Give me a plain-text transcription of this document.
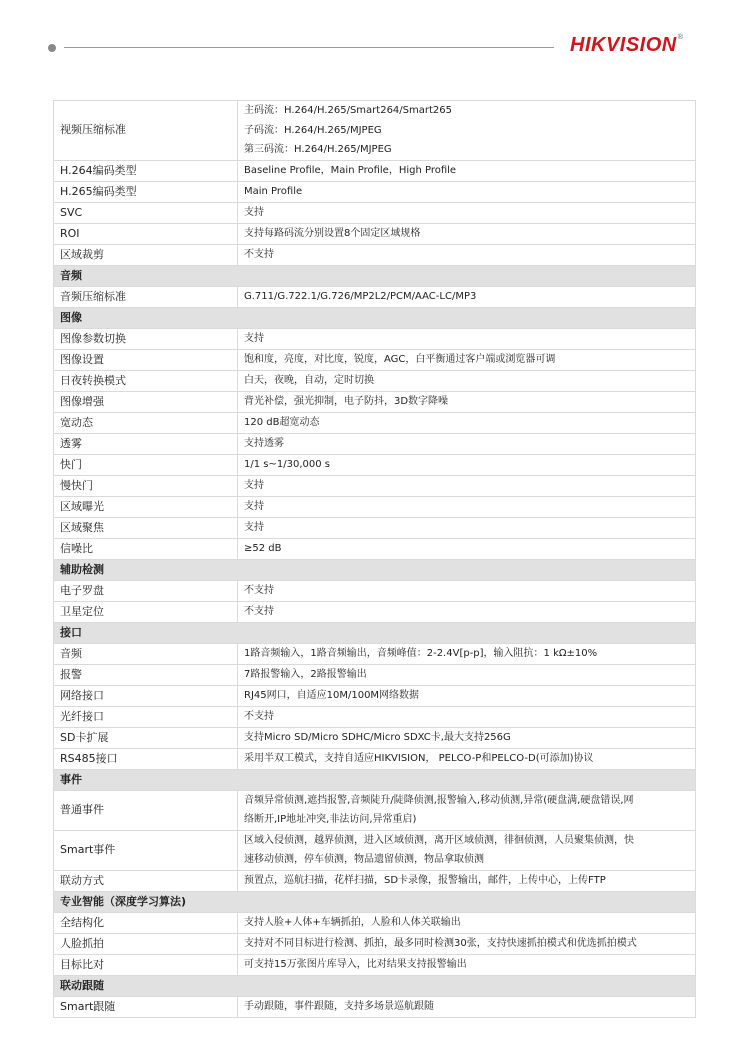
HIKVISION®
视频压缩标准	主码流：H.264/H.265/Smart264/Smart265
子码流：H.264/H.265/MJPEG
第三码流：H.264/H.265/MJPEG

H.264编码类型	Baseline Profile，Main Profile，High Profile

H.265编码类型	Main Profile

SVC	支持

ROI	支持每路码流分别设置8个固定区域规格

区域裁剪	不支持

音频	
音频压缩标准	G.711/G.722.1/G.726/MP2L2/PCM/AAC-LC/MP3

图像	
图像参数切换	支持

图像设置	饱和度，亮度，对比度，锐度，AGC，白平衡通过客户端或浏览器可调

日夜转换模式	白天，夜晚，自动，定时切换

图像增强	背光补偿，强光抑制，电子防抖，3D数字降噪

宽动态	120 dB超宽动态

透雾	支持透雾

快门	1/1 s~1/30,000 s

慢快门	支持

区域曝光	支持

区域聚焦	支持

信噪比	≥52 dB

辅助检测	
电子罗盘	不支持

卫星定位	不支持

接口	
音频	1路音频输入，1路音频输出，音频峰值：2-2.4V[p-p]，输入阻抗：1 kΩ±10%

报警	7路报警输入，2路报警输出

网络接口	RJ45网口，自适应10M/100M网络数据

光纤接口	不支持

SD卡扩展	支持Micro SD/Micro SDHC/Micro SDXC卡,最大支持256G

RS485接口	采用半双工模式，支持自适应HIKVISION， PELCO-P和PELCO-D(可添加)协议

事件	
普通事件	音频异常侦测,遮挡报警,音频陡升/陡降侦测,报警输入,移动侦测,异常(硬盘满,硬盘错误,网
络断开,IP地址冲突,非法访问,异常重启)

Smart事件	区域入侵侦测，越界侦测，进入区域侦测，离开区域侦测，徘徊侦测，人员聚集侦测，快
速移动侦测，停车侦测，物品遗留侦测，物品拿取侦测

联动方式	预置点，巡航扫描，花样扫描，SD卡录像，报警输出，邮件，上传中心，上传FTP

专业智能（深度学习算法)	
全结构化	支持人脸+人体+车辆抓拍，人脸和人体关联输出

人脸抓拍	支持对不同目标进行检测、抓拍，最多同时检测30张，支持快速抓拍模式和优选抓拍模式

目标比对	可支持15万张图片库导入，比对结果支持报警输出

联动跟随	
Smart跟随	手动跟随，事件跟随，支持多场景巡航跟随
